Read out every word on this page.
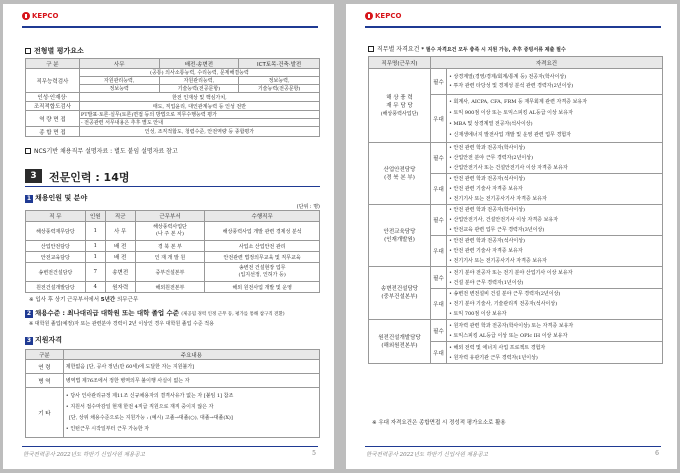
KEPCO
전형별 평가요소
구 분	사무	배전·송변전	ICT토목·건축·발전
직무능력검사	(공통) 의사소통능력, 수리능력, 문제해결능력		
	자원관리능력,	자원관리능력,	정보능력,
	정보능력	기술능력(전공문항)	기술능력(전공문항)
인성·인재상·	한전 인재상 및 핵심가치,		
조직적합도검사	태도, 직업윤리, 대인관계능력 등 인성 전반		
역 량 면 접	PT발표·토론·실무(토론)면접 등의 방법으로 직무수행능력 평가		
	- 전공관련 서무내용은 추후 별도 안내		
종 합 면 접	인성, 조직적합도, 청렴수준, 안전역량 등 종합평가		
NCS기반 채용직무 설명자료 : 별도 붙임 설명자료 참고
3	전문인력 : 14명
1 채용인원 및 분야
(단위 : 명)
직 무	인원	직군	근무부서	수행직무
해상풍력재무담당	1	사 무	해상풍력사업단
(나 주 본 사)	해상풍력사업 개발 관련 경제성 분석
산업안전담당	1	배 전	경 북 본 부	사업소 산업안전 관리
안전교육담당	1	배 전	인 재 개 발 원	안전관련 법정의무교육 및 직무교육
송변전건설담당	7	송변전	중부건설본부	송변전 건설현장 업무
(입지선정, 인허가 등)
원전건설개발담당	4	원자력	해외원전본부	해외 원전사업 개발 및 운영
※ 입사 후 상기 근무부서에서 5년간 의무근무
2 채용수준 : 최나대리급 대학원 또는 대학 졸업 수준 (제공됨 경력 인정 근무 등, 평가를 통해 참구직 전환)
※ 대학원 졸업(예정)자 또는 관련분야 경력이 2년 이상인 경우 대학원 졸업 수준 적용
3 지원자격
구분	주요내용
연 령	제한없음 [단, 공사 정년(만 60세)에 도달한 자는 지원불가]
병 역	병역법 제76조에서 정한 병역의무 불이행 사실이 없는 자
기 타	• 당사 인사관리규정 제11조 신규채용자의 결격사유가 없는 자 [붙임 1] 참조
• 지원서 접수마감일 현재 한전 4직급 직원으로 재직 중이지 않은 자
[단, 상위 채용수준으로는 지원가능 : (예시) 고졸→대졸(○), 대졸→대졸(X)]
• 인턴근무 시작일부터 근무 가능한 자
한국전력공사 2022년도 하반기 신입사원 채용공고	5
KEPCO
직무별 자격요건 * 필수 자격요건 모두 충족 시 지원 가능, 추후 증빙서류 제출 필수
직무명(근무지)	자격요건	
해 상 풍 력
재 무 담 당
(해상풍력사업단)	필수	• 상경계열(경영/경제/회계/통계 등) 전공자(학사이상)
• 투자 관련 타당성 및 경제성 분석 관련 경력자(2년이상)
	우대	• 회계사, AICPA, CFA, FRM 등 재무회계 관련 자격증 보유자
• 토익 900점 이상 또는 토익스피킹 AL등급 이상 보유자
• MBA 및 상경계열 전공자(석사이상)
• 신재생에너지 발전사업 개발 및 운영 관련 업무 경험자
산업안전담당
(경 북 본 부)	필수	• 안전 관련 학과 전공자(학사이상)
• 산업안전 분야 근무 경력자(2년이상)
• 산업안전기사 또는 건설안전기사 이상 자격증 보유자
	우대	• 안전 관련 학과 전공자(석사이상)
• 안전 관련 기술사 자격증 보유자
• 전기기사 또는 전기공사기사 자격증 보유자
안전교육담당
(인재개발원)	필수	• 안전 관련 학과 전공자(학사이상)
• 산업안전기사, 건설안전기사 이상 자격증 보유자
• 안전교육 관련 업무 근무 경력자(3년이상)
	우대	• 안전 관련 학과 전공자(석사이상)
• 안전 관련 기술사 자격증 보유자
• 전기기사 또는 전기공사기사 자격증 보유자
송변전건설담당
(중부건설본부)	필수	• 전기 분야 전공자 또는 전기 분야 산업기사 이상 보유자
• 건설 분야 근무 경력자(1년이상)
	우대	• 송변전 변전설비 건설 분야 근무 경력자(2년이상)
• 전기 분야 기술사, 기술관리직 전공자(석사이상)
• 토익 700점 이상 보유자
원전건설개발담당
(해외원전본부)	필수	• 원자력 관련 학과 전공자(학사이상) 또는 자격증 보유자
• 토익스피킹 AL등급 이상 또는 OPIc IH 이상 보유자
	우대	• 해외 전력 및 에너지 사업 프로젝트 경험자
• 원자력 유관기관 근무 경력자(1년이상)
※ 우대 자격요건은 종합면접 시 정성적 평가요소로 활용
한국전력공사 2022년도 하반기 신입사원 채용공고	6
